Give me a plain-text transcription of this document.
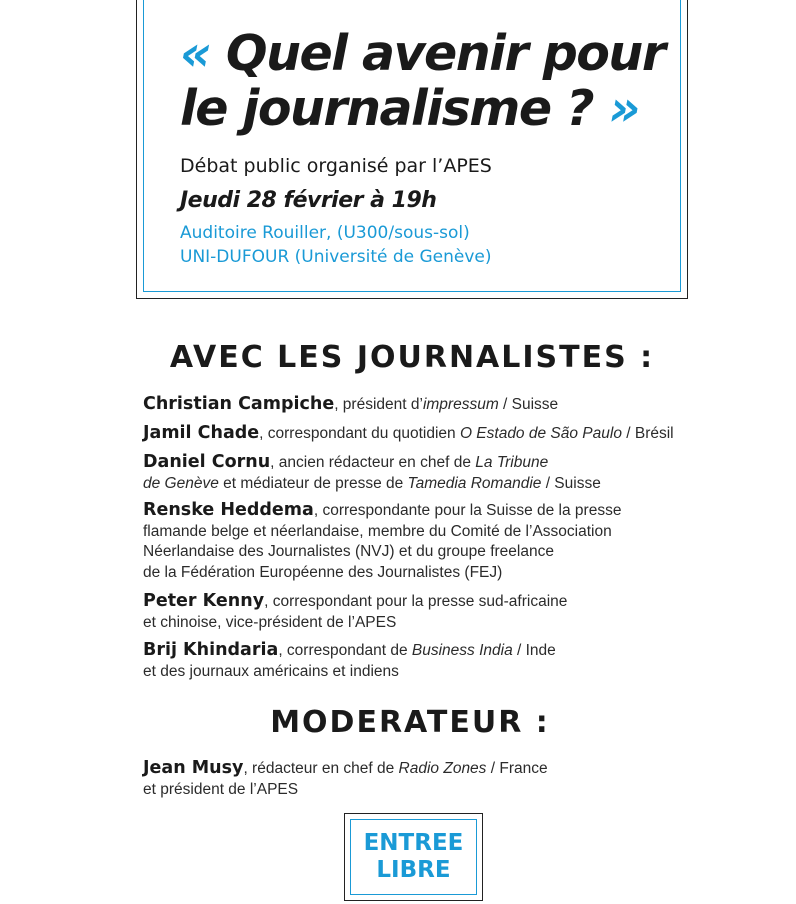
« Quel avenir pour
le journalisme ? »

Débat public organisé par l’APES

Jeudi 28 février à 19h

Auditoire Rouiller, (U300/sous-sol)

UNI-DUFOUR (Université de Genève)

AVEC LES JOURNALISTES :

Christian Campiche, président d’impressum / Suisse

Jamil Chade, correspondant du quotidien O Estado de São Paulo / Brésil

Daniel Cornu, ancien rédacteur en chef de La Tribune
de Genève et médiateur de presse de Tamedia Romandie / Suisse

Renske Heddema, correspondante pour la Suisse de la presse
flamande belge et néerlandaise, membre du Comité de l’Association
Néerlandaise des Journalistes (NVJ) et du groupe freelance
de la Fédération Européenne des Journalistes (FEJ)

Peter Kenny, correspondant pour la presse sud-africaine
et chinoise, vice-président de l’APES

Brij Khindaria, correspondant de Business India / Inde
et des journaux américains et indiens

MODERATEUR :

Jean Musy, rédacteur en chef de Radio Zones / France
et président de l’APES

ENTREE
LIBRE
